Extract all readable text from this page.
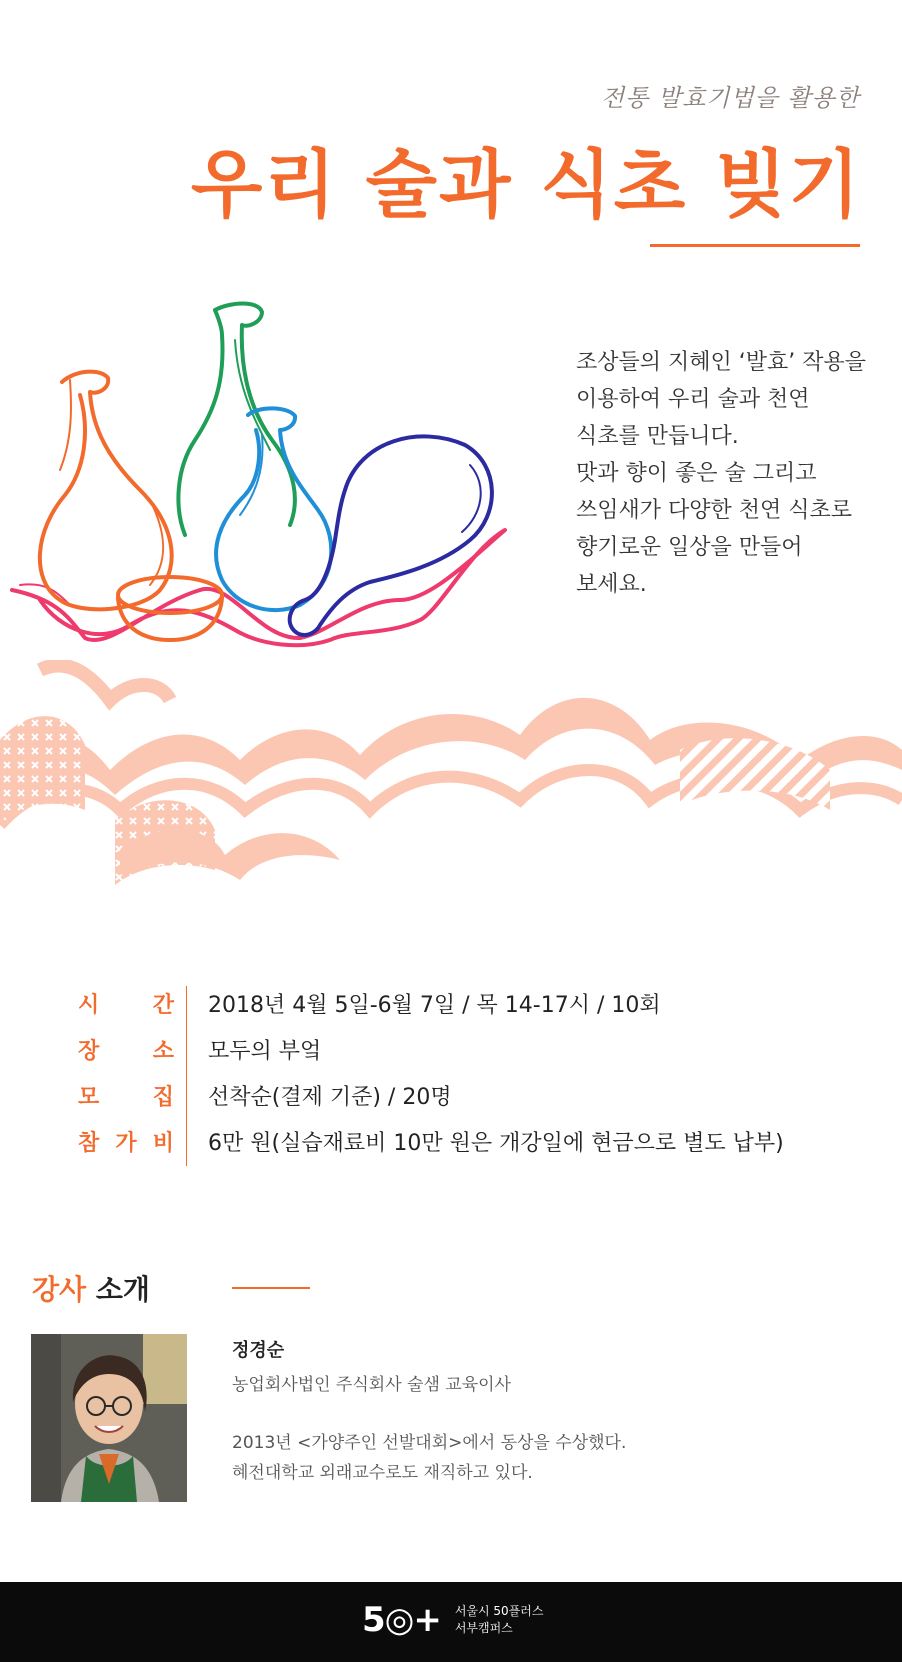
전통 발효기법을 활용한
우리 술과 식초 빚기
조상들의 지혜인 ‘발효’ 작용을
이용하여 우리 술과 천연
식초를 만듭니다.
맛과 향이 좋은 술 그리고
쓰임새가 다양한 천연 식초로
향기로운 일상을 만들어
보세요.
시 간	2018년 4월 5일-6월 7일 / 목 14-17시 / 10회
장 소	모두의 부엌
모 집	선착순(결제 기준) / 20명
참 가 비	6만 원(실습재료비 10만 원은 개강일에 현금으로 별도 납부)
강사 소개
정경순
농업회사법인 주식회사 술샘 교육이사
2013년 <가양주인 선발대회>에서 동상을 수상했다.
혜전대학교 외래교수로도 재직하고 있다.
5◎+ 서울시 50플러스
서부캠퍼스
